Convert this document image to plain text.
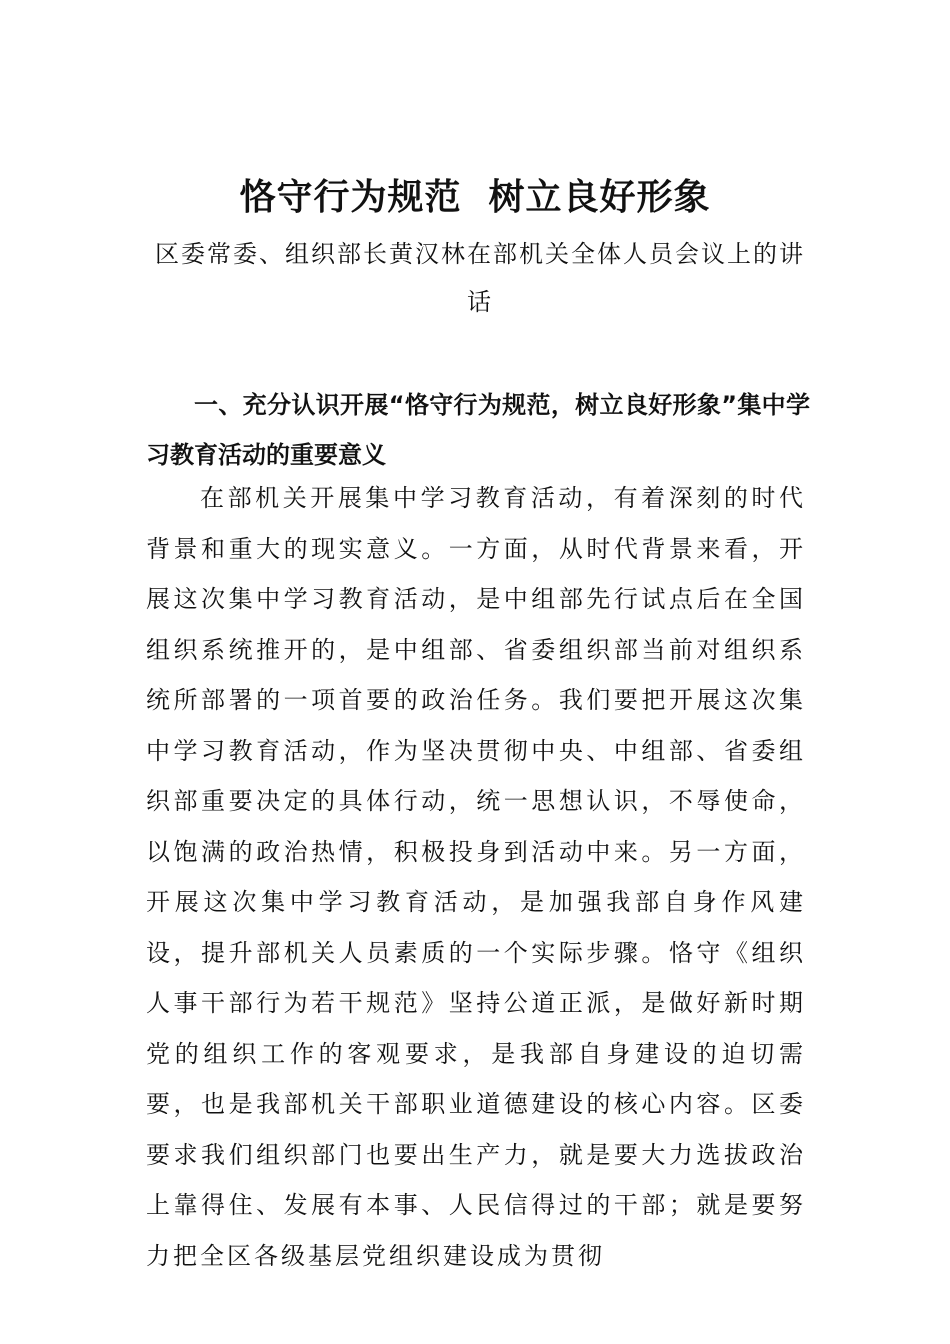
恪守行为规范  树立良好形象
区委常委、组织部长黄汉林在部机关全体人员会议上的讲话
一、充分认识开展“恪守行为规范，树立良好形象”集中学习教育活动的重要意义
在部机关开展集中学习教育活动，有着深刻的时代背景和重大的现实意义。一方面，从时代背景来看，开展这次集中学习教育活动，是中组部先行试点后在全国组织系统推开的，是中组部、省委组织部当前对组织系统所部署的一项首要的政治任务。我们要把开展这次集中学习教育活动，作为坚决贯彻中央、中组部、省委组织部重要决定的具体行动，统一思想认识，不辱使命，以饱满的政治热情，积极投身到活动中来。另一方面，开展这次集中学习教育活动，是加强我部自身作风建设，提升部机关人员素质的一个实际步骤。恪守《组织人事干部行为若干规范》坚持公道正派，是做好新时期党的组织工作的客观要求，是我部自身建设的迫切需要，也是我部机关干部职业道德建设的核心内容。区委要求我们组织部门也要出生产力，就是要大力选拔政治上靠得住、发展有本事、人民信得过的干部；就是要努力把全区各级基层党组织建设成为贯彻
